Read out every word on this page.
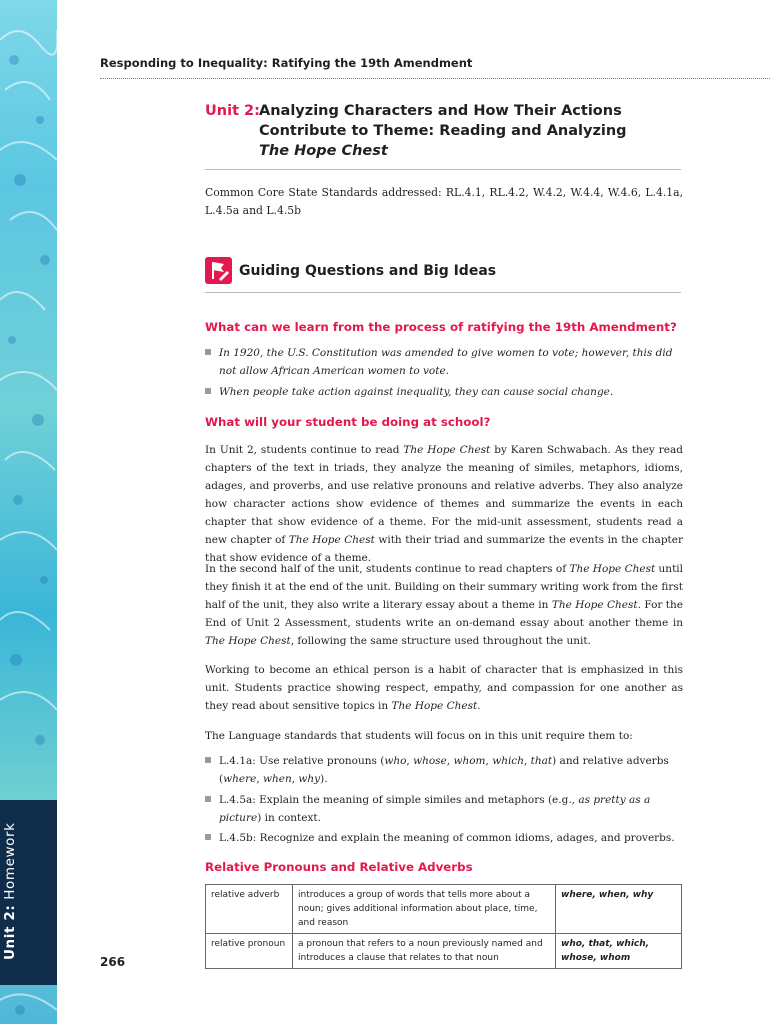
Unit 2: Homework
Responding to Inequality: Ratifying the 19th Amendment
Unit 2: Analyzing Characters and How Their Actions
Contribute to Theme: Reading and Analyzing
The Hope Chest
Common Core State Standards addressed: RL.4.1, RL.4.2, W.4.2, W.4.4, W.4.6, L.4.1a, L.4.5a and L.4.5b
Guiding Questions and Big Ideas
What can we learn from the process of ratifying the 19th Amendment?
In 1920, the U.S. Constitution was amended to give women to vote; however, this did not allow African American women to vote.
When people take action against inequality, they can cause social change.
What will your student be doing at school?

In Unit 2, students continue to read The Hope Chest by Karen Schwabach. As they read chapters of the text in triads, they analyze the meaning of similes, metaphors, idioms, adages, and proverbs, and use relative pronouns and relative adverbs. They also analyze how character actions show evidence of themes and summarize the events in each chapter that show evidence of a theme. For the mid-unit assessment, students read a new chapter of The Hope Chest with their triad and summarize the events in the chapter that show evidence of a theme.

In the second half of the unit, students continue to read chapters of The Hope Chest until they finish it at the end of the unit. Building on their summary writing work from the first half of the unit, they also write a literary essay about a theme in The Hope Chest. For the End of Unit 2 Assessment, students write an on-demand essay about another theme in The Hope Chest, following the same structure used throughout the unit.

Working to become an ethical person is a habit of character that is emphasized in this unit. Students practice showing respect, empathy, and compassion for one another as they read about sensitive topics in The Hope Chest.

The Language standards that students will focus on in this unit require them to:

L.4.1a: Use relative pronouns (who, whose, whom, which, that) and relative adverbs (where, when, why).
L.4.5a: Explain the meaning of simple similes and metaphors (e.g., as pretty as a picture) in context.
L.4.5b: Recognize and explain the meaning of common idioms, adages, and proverbs.
Relative Pronouns and Relative Adverbs
relative adverb	introduces a group of words that tells more about a noun; gives additional information about place, time, and reason	where, when, why
relative pronoun	a pronoun that refers to a noun previously named and introduces a clause that relates to that noun	who, that, which, whose, whom
266
